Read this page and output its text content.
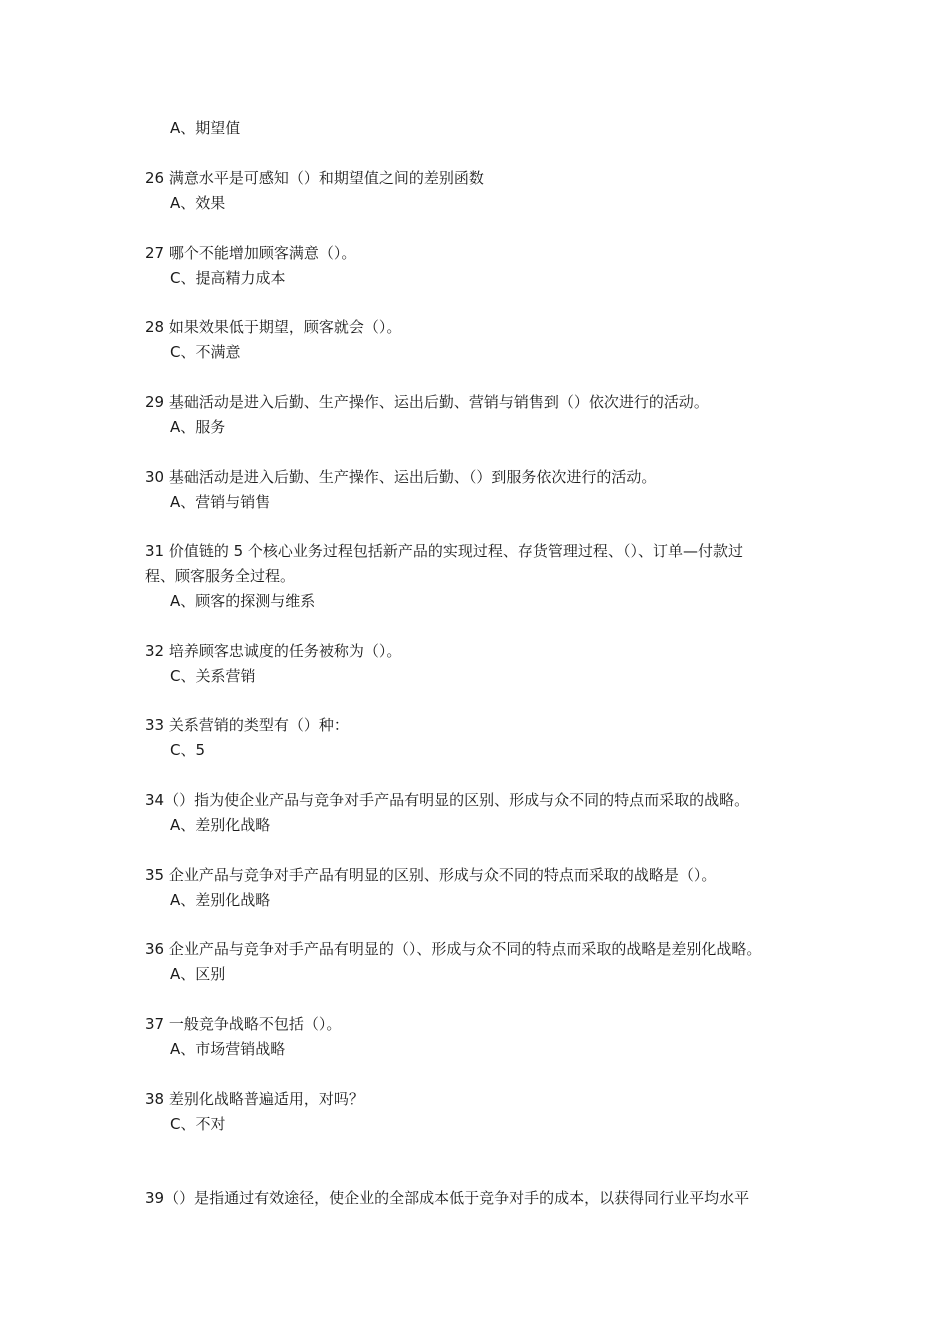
A、期望值
26 满意水平是可感知（）和期望值之间的差别函数
A、效果
27 哪个不能增加顾客满意（）。
C、提高精力成本
28 如果效果低于期望，顾客就会（）。
C、不满意
29 基础活动是进入后勤、生产操作、运出后勤、营销与销售到（）依次进行的活动。
A、服务
30 基础活动是进入后勤、生产操作、运出后勤、（）到服务依次进行的活动。
A、营销与销售
31 价值链的 5 个核心业务过程包括新产品的实现过程、存货管理过程、（）、订单—付款过
程、顾客服务全过程。
A、顾客的探测与维系
32 培养顾客忠诚度的任务被称为（）。
C、关系营销
33 关系营销的类型有（）种：
C、5
34（）指为使企业产品与竞争对手产品有明显的区别、形成与众不同的特点而采取的战略。
A、差别化战略
35 企业产品与竞争对手产品有明显的区别、形成与众不同的特点而采取的战略是（）。
A、差别化战略
36 企业产品与竞争对手产品有明显的（）、形成与众不同的特点而采取的战略是差别化战略。
A、区别
37 一般竞争战略不包括（）。
A、市场营销战略
38 差别化战略普遍适用，对吗？
C、不对
39（）是指通过有效途径，使企业的全部成本低于竞争对手的成本，以获得同行业平均水平
